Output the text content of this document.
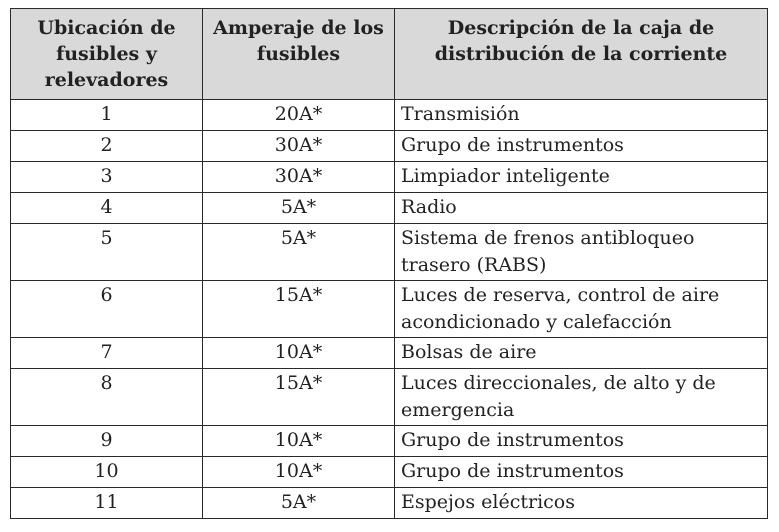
Ubicación de fusibles y relevadores	Amperaje de los fusibles	Descripción de la caja de distribución de la corriente
1	20A*	Transmisión
2	30A*	Grupo de instrumentos
3	30A*	Limpiador inteligente
4	5A*	Radio
5	5A*	Sistema de frenos antibloqueo trasero (RABS)
6	15A*	Luces de reserva, control de aire acondicionado y calefacción
7	10A*	Bolsas de aire
8	15A*	Luces direccionales, de alto y de emergencia
9	10A*	Grupo de instrumentos
10	10A*	Grupo de instrumentos
11	5A*	Espejos eléctricos
